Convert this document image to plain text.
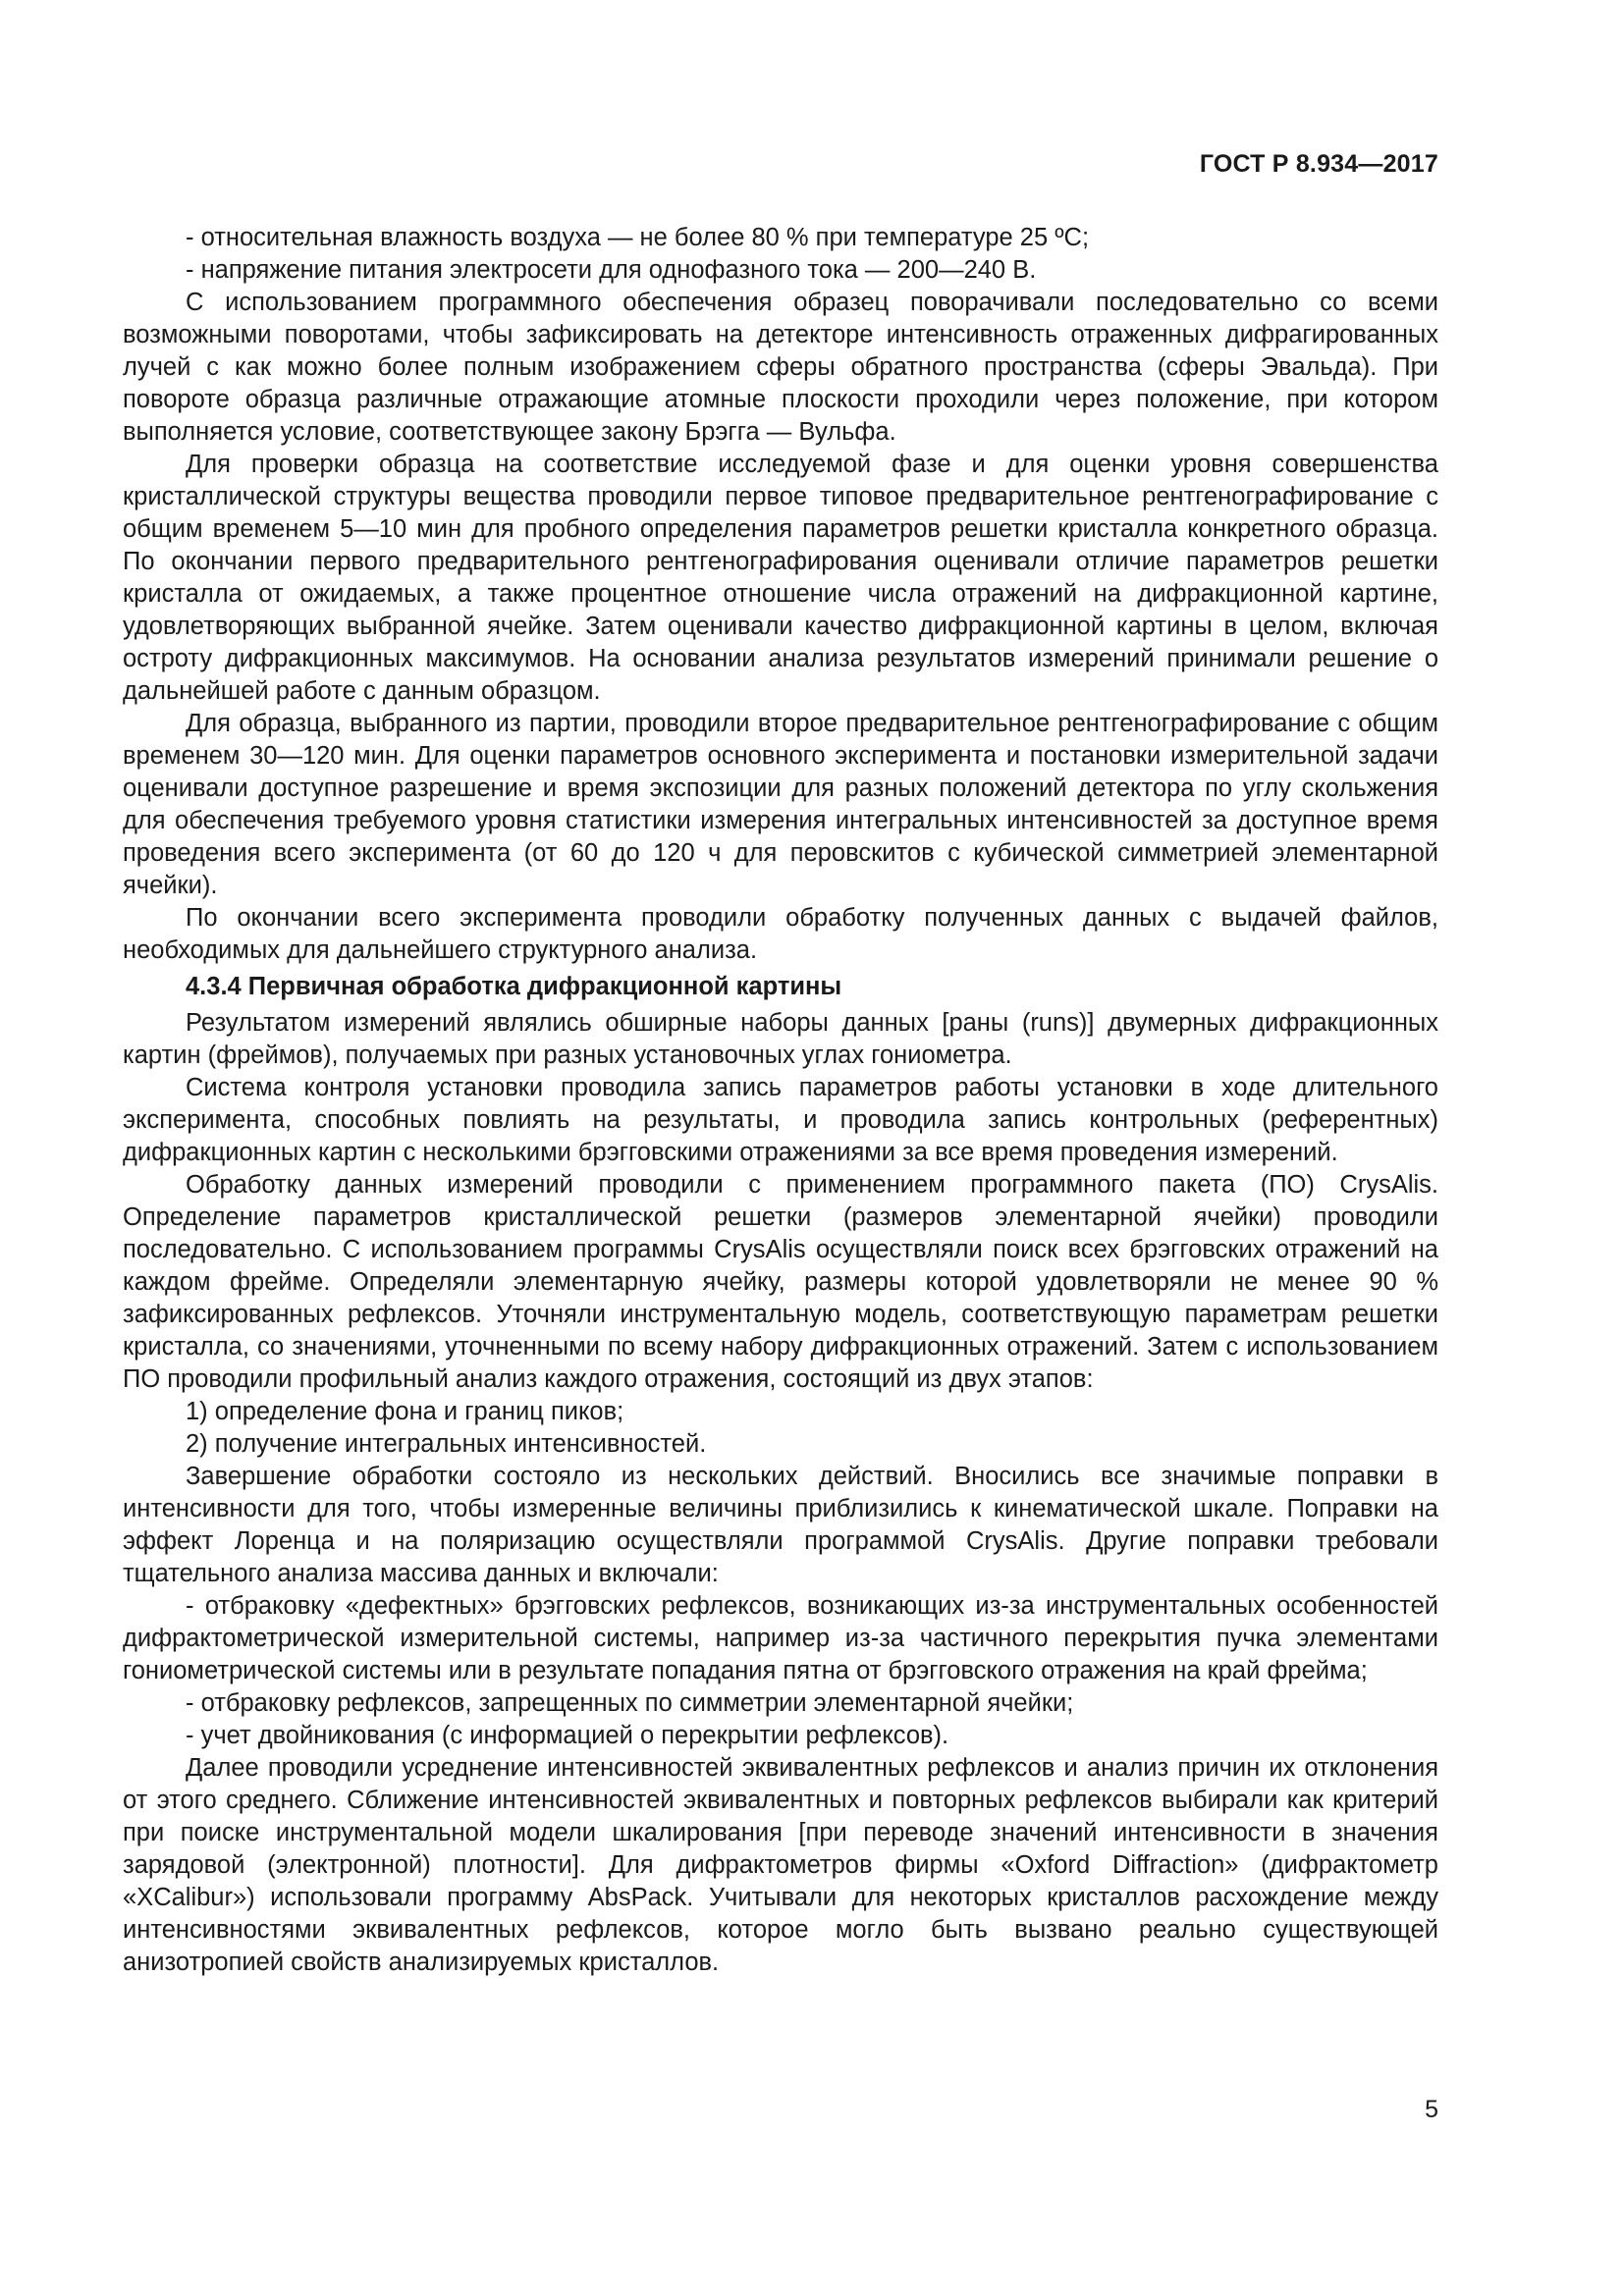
ГОСТ Р 8.934—2017

- относительная влажность воздуха — не более 80 % при температуре 25 ºС;

- напряжение питания электросети для однофазного тока — 200—240 В.

С использованием программного обеспечения образец поворачивали последовательно со всеми возможными поворотами, чтобы зафиксировать на детекторе интенсивность отраженных дифрагированных лучей с как можно более полным изображением сферы обратного пространства (сферы Эвальда). При повороте образца различные отражающие атомные плоскости проходили через положение, при котором выполняется условие, соответствующее закону Брэгга — Вульфа.

Для проверки образца на соответствие исследуемой фазе и для оценки уровня совершенства кристаллической структуры вещества проводили первое типовое предварительное рентгенографирование с общим временем 5—10 мин для пробного определения параметров решетки кристалла конкретного образца. По окончании первого предварительного рентгенографирования оценивали отличие параметров решетки кристалла от ожидаемых, а также процентное отношение числа отражений на дифракционной картине, удовлетворяющих выбранной ячейке. Затем оценивали качество дифракционной картины в целом, включая остроту дифракционных максимумов. На основании анализа результатов измерений принимали решение о дальнейшей работе с данным образцом.

Для образца, выбранного из партии, проводили второе предварительное рентгенографирование с общим временем 30—120 мин. Для оценки параметров основного эксперимента и постановки измерительной задачи оценивали доступное разрешение и время экспозиции для разных положений детектора по углу скольжения для обеспечения требуемого уровня статистики измерения интегральных интенсивностей за доступное время проведения всего эксперимента (от 60 до 120 ч для перовскитов с кубической симметрией элементарной ячейки).

По окончании всего эксперимента проводили обработку полученных данных с выдачей файлов, необходимых для дальнейшего структурного анализа.

4.3.4 Первичная обработка дифракционной картины

Результатом измерений являлись обширные наборы данных [раны (runs)] двумерных дифракционных картин (фреймов), получаемых при разных установочных углах гониометра.

Система контроля установки проводила запись параметров работы установки в ходе длительного эксперимента, способных повлиять на результаты, и проводила запись контрольных (референтных) дифракционных картин с несколькими брэгговскими отражениями за все время проведения измерений.

Обработку данных измерений проводили с применением программного пакета (ПО) CrysAlis. Определение параметров кристаллической решетки (размеров элементарной ячейки) проводили последовательно. С использованием программы CrysAlis осуществляли поиск всех брэгговских отражений на каждом фрейме. Определяли элементарную ячейку, размеры которой удовлетворяли не менее 90 % зафиксированных рефлексов. Уточняли инструментальную модель, соответствующую параметрам решетки кристалла, со значениями, уточненными по всему набору дифракционных отражений. Затем с использованием ПО проводили профильный анализ каждого отражения, состоящий из двух этапов:

1) определение фона и границ пиков;

2) получение интегральных интенсивностей.

Завершение обработки состояло из нескольких действий. Вносились все значимые поправки в интенсивности для того, чтобы измеренные величины приблизились к кинематической шкале. Поправки на эффект Лоренца и на поляризацию осуществляли программой CrysAlis. Другие поправки требовали тщательного анализа массива данных и включали:

- отбраковку «дефектных» брэгговских рефлексов, возникающих из-за инструментальных особенностей дифрактометрической измерительной системы, например из-за частичного перекрытия пучка элементами гониометрической системы или в результате попадания пятна от брэгговского отражения на край фрейма;

- отбраковку рефлексов, запрещенных по симметрии элементарной ячейки;

- учет двойникования (с информацией о перекрытии рефлексов).

Далее проводили усреднение интенсивностей эквивалентных рефлексов и анализ причин их отклонения от этого среднего. Сближение интенсивностей эквивалентных и повторных рефлексов выбирали как критерий при поиске инструментальной модели шкалирования [при переводе значений интенсивности в значения зарядовой (электронной) плотности]. Для дифрактометров фирмы «Oxford Diffraction» (дифрактометр «XCalibur») использовали программу AbsPack. Учитывали для некоторых кристаллов расхождение между интенсивностями эквивалентных рефлексов, которое могло быть вызвано реально существующей анизотропией свойств анализируемых кристаллов.

5
